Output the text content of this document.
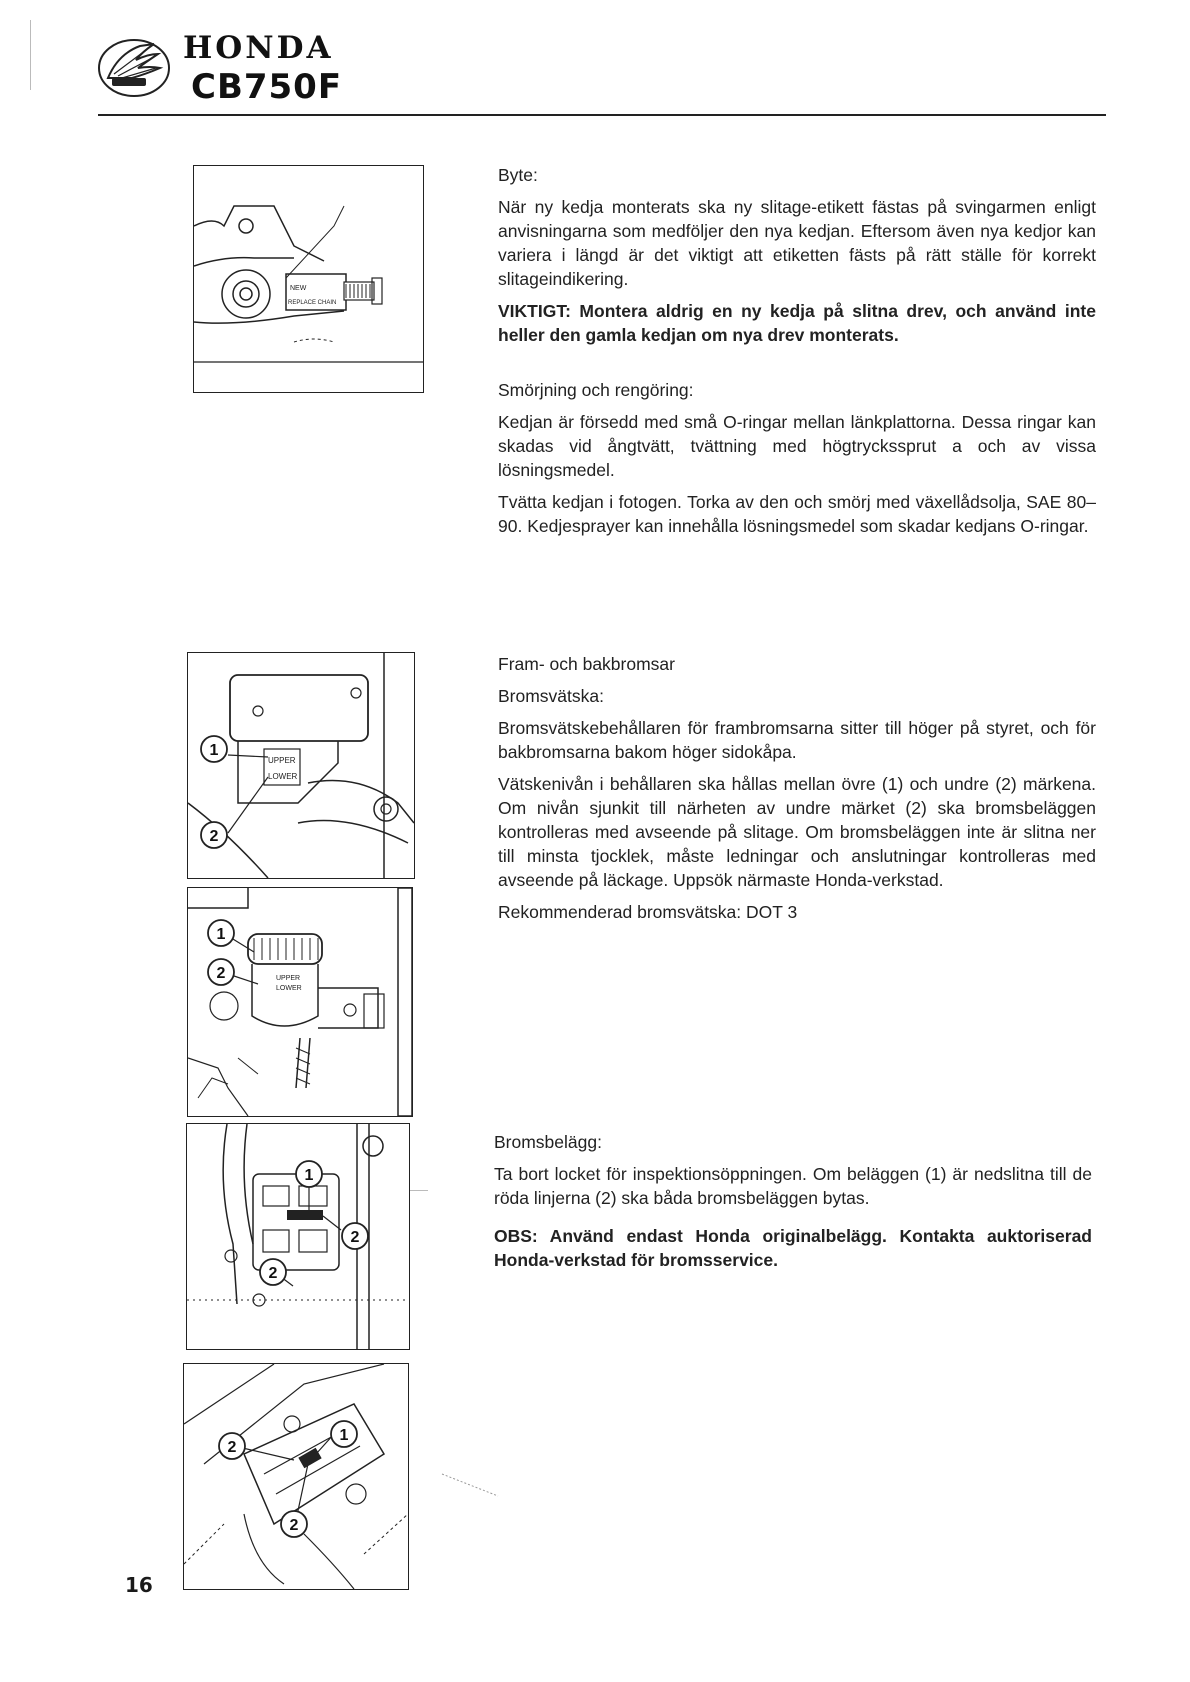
HONDA
CB750F
NEW
REPLACE CHAIN
1
2
UPPER
LOWER
1
2	UPPER
LOWER
1
2
2
2
1
2
Byte:

När ny kedja monterats ska ny slitage-etikett fästas på svingarmen enligt anvisningarna som medföljer den nya kedjan. Eftersom även nya kedjor kan variera i längd är det viktigt att etiketten fästs på rätt ställe för korrekt slitageindikering.

VIKTIGT: Montera aldrig en ny kedja på slitna drev, och använd inte heller den gamla kedjan om nya drev monterats.

Smörjning och rengöring:

Kedjan är försedd med små O-ringar mellan länkplattorna. Dessa ringar kan skadas vid ångtvätt, tvättning med högtryckssprut a och av vissa lösningsmedel.

Tvätta kedjan i fotogen. Torka av den och smörj med växellådsolja, SAE 80–90. Kedjesprayer kan innehålla lösningsmedel som skadar kedjans O-ringar.

Fram- och bakbromsar
Bromsvätska:

Bromsvätskebehållaren för frambromsarna sitter till höger på styret, och för bakbromsarna bakom höger sidokåpa.

Vätskenivån i behållaren ska hållas mellan övre (1) och undre (2) märkena. Om nivån sjunkit till närheten av undre märket (2) ska bromsbeläggen kontrolleras med avseende på slitage. Om bromsbeläggen inte är slitna ner till minsta tjocklek, måste ledningar och anslutningar kontrolleras med avseende på läckage. Uppsök närmaste Honda-verkstad.

Rekommenderad bromsvätska: DOT 3

Bromsbelägg:

Ta bort locket för inspektionsöppningen. Om beläggen (1) är nedslitna till de röda linjerna (2) ska båda bromsbeläggen bytas.

OBS: Använd endast Honda originalbelägg. Kontakta auktoriserad Honda-verkstad för bromsservice.

16
